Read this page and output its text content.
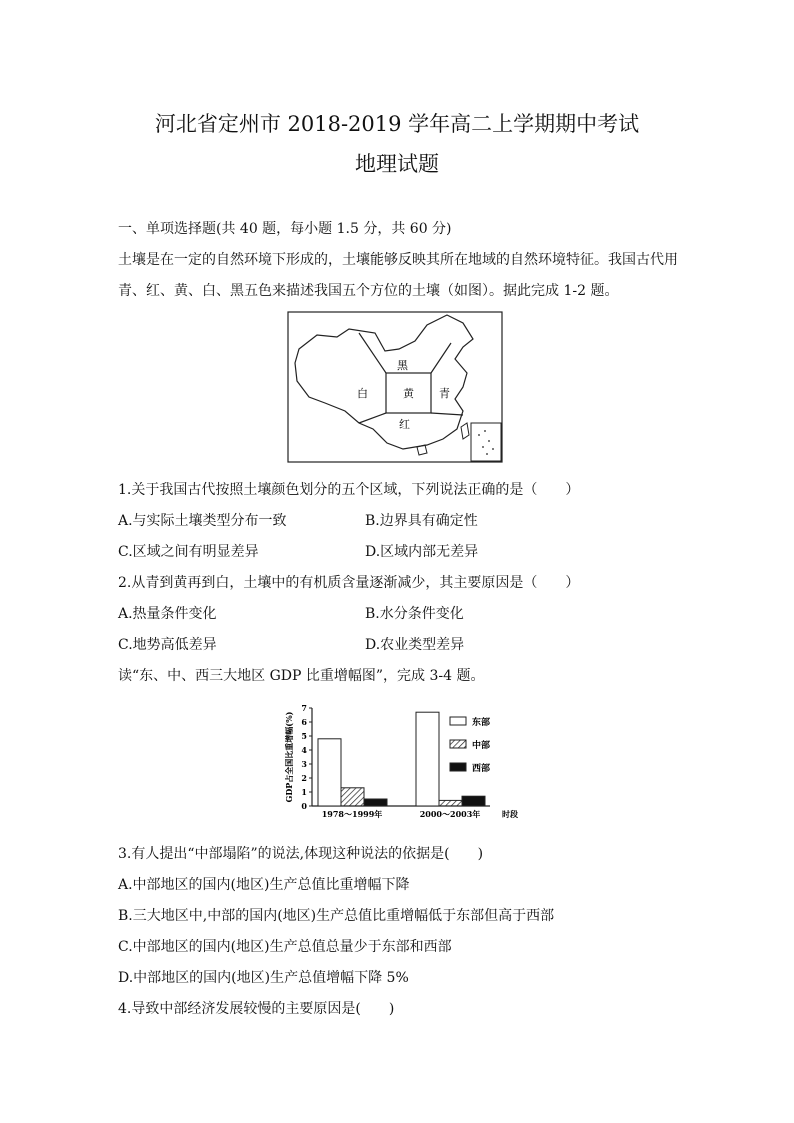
河北省定州市 2018-2019 学年高二上学期期中考试
地理试题
一、单项选择题(共 40 题，每小题 1.5 分，共 60 分)
土壤是在一定的自然环境下形成的，土壤能够反映其所在地域的自然环境特征。我国古代用
青、红、黄、白、黑五色来描述我国五个方位的土壤（如图）。据此完成 1-2 题。
黑
白	黄 青
红
1.关于我国古代按照土壤颜色划分的五个区域，下列说法正确的是（　　）
A.与实际土壤类型分布一致	B.边界具有确定性
C.区域之间有明显差异	D.区域内部无差异
2.从青到黄再到白，土壤中的有机质含量逐渐减少，其主要原因是（　　）
A.热量条件变化	B.水分条件变化
C.地势高低差异	D.农业类型差异
读“东、中、西三大地区 GDP 比重增幅图”，完成 3-4 题。
GDP占全国比重增幅(%)
0
1
2
3
4
5
6
7
1978～1999年	2000～2003年	时段
东部
中部
西部
3.有人提出“中部塌陷”的说法,体现这种说法的依据是(　　)
A.中部地区的国内(地区)生产总值比重增幅下降
B.三大地区中,中部的国内(地区)生产总值比重增幅低于东部但高于西部
C.中部地区的国内(地区)生产总值总量少于东部和西部
D.中部地区的国内(地区)生产总值增幅下降 5%
4.导致中部经济发展较慢的主要原因是(　　)
